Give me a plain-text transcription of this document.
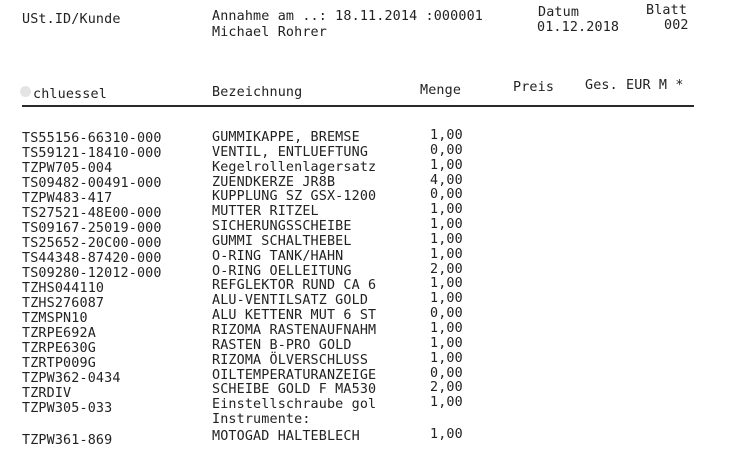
USt.ID/Kunde	Annahme am ..: 18.11.2014 :000001
Michael Rohrer
Datum
01.12.2018
Blatt
002
chluessel	Bezeichnung	Menge	Preis Ges. EUR M *
TS55156-66310-000	GUMMIKAPPE, BREMSE	1,00
TS59121-18410-000	VENTIL, ENTLUEFTUNG	0,00
TZPW705-004	Kegelrollenlagersatz	1,00
TS09482-00491-000	ZUENDKERZE JR8B	4,00
TZPW483-417	KUPPLUNG SZ GSX-1200	0,00
TS27521-48E00-000	MUTTER RITZEL	1,00
TS09167-25019-000	SICHERUNGSSCHEIBE	1,00
TS25652-20C00-000	GUMMI SCHALTHEBEL	1,00
TS44348-87420-000	O-RING TANK/HAHN	1,00
TS09280-12012-000	O-RING OELLEITUNG	2,00
TZHS044110	REFGLEKTOR RUND CA 6	1,00
TZHS276087	ALU-VENTILSATZ GOLD	1,00
TZMSPN10	ALU KETTENR MUT 6 ST	0,00
TZRPE692A	RIZOMA RASTENAUFNAHM	1,00
TZRPE630G	RASTEN B-PRO GOLD	1,00
TZRTP009G	RIZOMA ÖLVERSCHLUSS	1,00
TZPW362-0434	OILTEMPERATURANZEIGE	0,00
TZRDIV	SCHEIBE GOLD F MA530	2,00
TZPW305-033	Einstellschraube gol	1,00
Instrumente:
TZPW361-869	MOTOGAD HALTEBLECH	1,00
